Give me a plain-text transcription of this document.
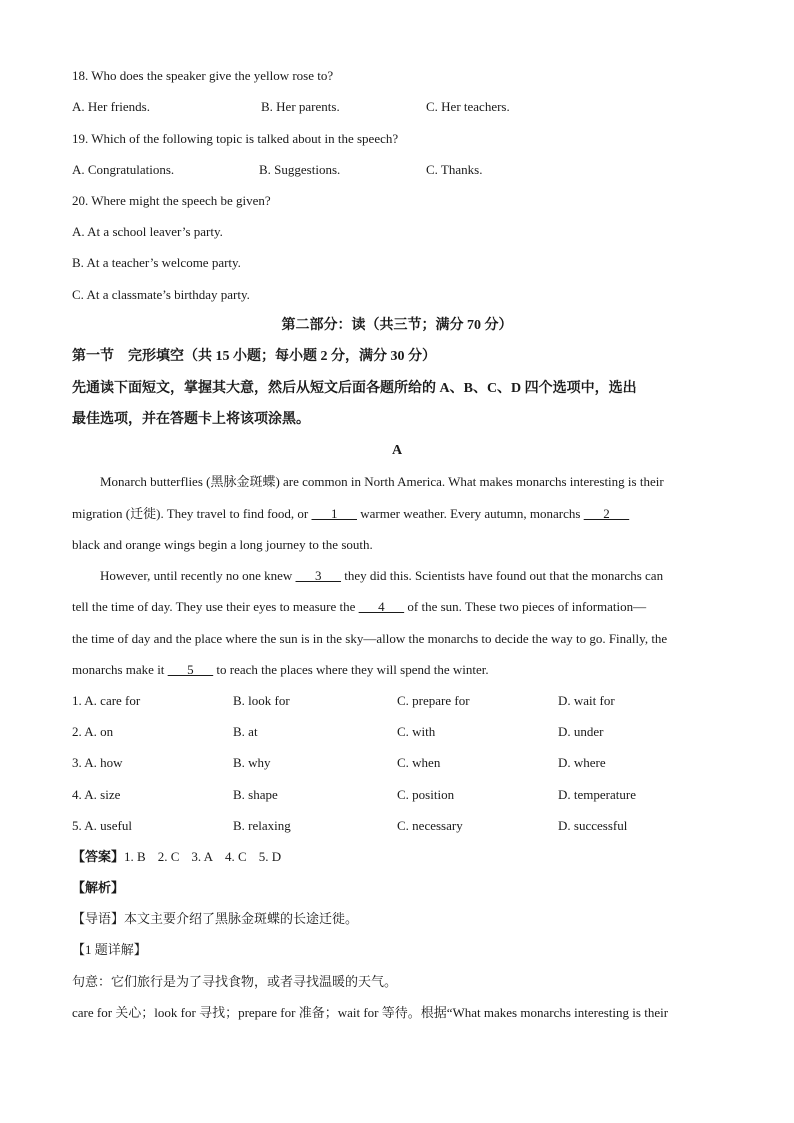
18. Who does the speaker give the yellow rose to?
A. Her friends.	B. Her parents.	C. Her teachers.
19. Which of the following topic is talked about in the speech?
A. Congratulations.	B. Suggestions.	C. Thanks.
20. Where might the speech be given?
A. At a school leaver’s party.
B. At a teacher’s welcome party.
C. At a classmate’s birthday party.
第二部分：读（共三节；满分 70 分）
第一节　完形填空（共 15 小题；每小题 2 分，满分 30 分）
先通读下面短文，掌握其大意，然后从短文后面各题所给的 A、B、C、D 四个选项中，选出
最佳选项，并在答题卡上将该项涂黑。
A
Monarch butterflies (黑脉金斑蝶) are common in North America. What makes monarchs interesting is their
migration (迁徙). They travel to find food, or       1       warmer weather. Every autumn, monarchs       2
black and orange wings begin a long journey to the south.
However, until recently no one knew       3       they did this. Scientists have found out that the monarchs can
tell the time of day. They use their eyes to measure the       4       of the sun. These two pieces of information—
the time of day and the place where the sun is in the sky—allow the monarchs to decide the way to go. Finally, the
monarchs make it       5       to reach the places where they will spend the winter.
1. A. care for	B. look for	C. prepare for	D. wait for
2. A. on	B. at	C. with	D. under
3. A. how	B. why	C. when	D. where
4. A. size	B. shape	C. position	D. temperature
5. A. useful	B. relaxing	C. necessary	D. successful
【答案】1. B 2. C 3. A 4. C 5. D
【解析】
【导语】本文主要介绍了黑脉金斑蝶的长途迁徙。
【1 题详解】
句意：它们旅行是为了寻找食物，或者寻找温暖的天气。
care for 关心；look for 寻找；prepare for 准备；wait for 等待。根据“What makes monarchs interesting is their
